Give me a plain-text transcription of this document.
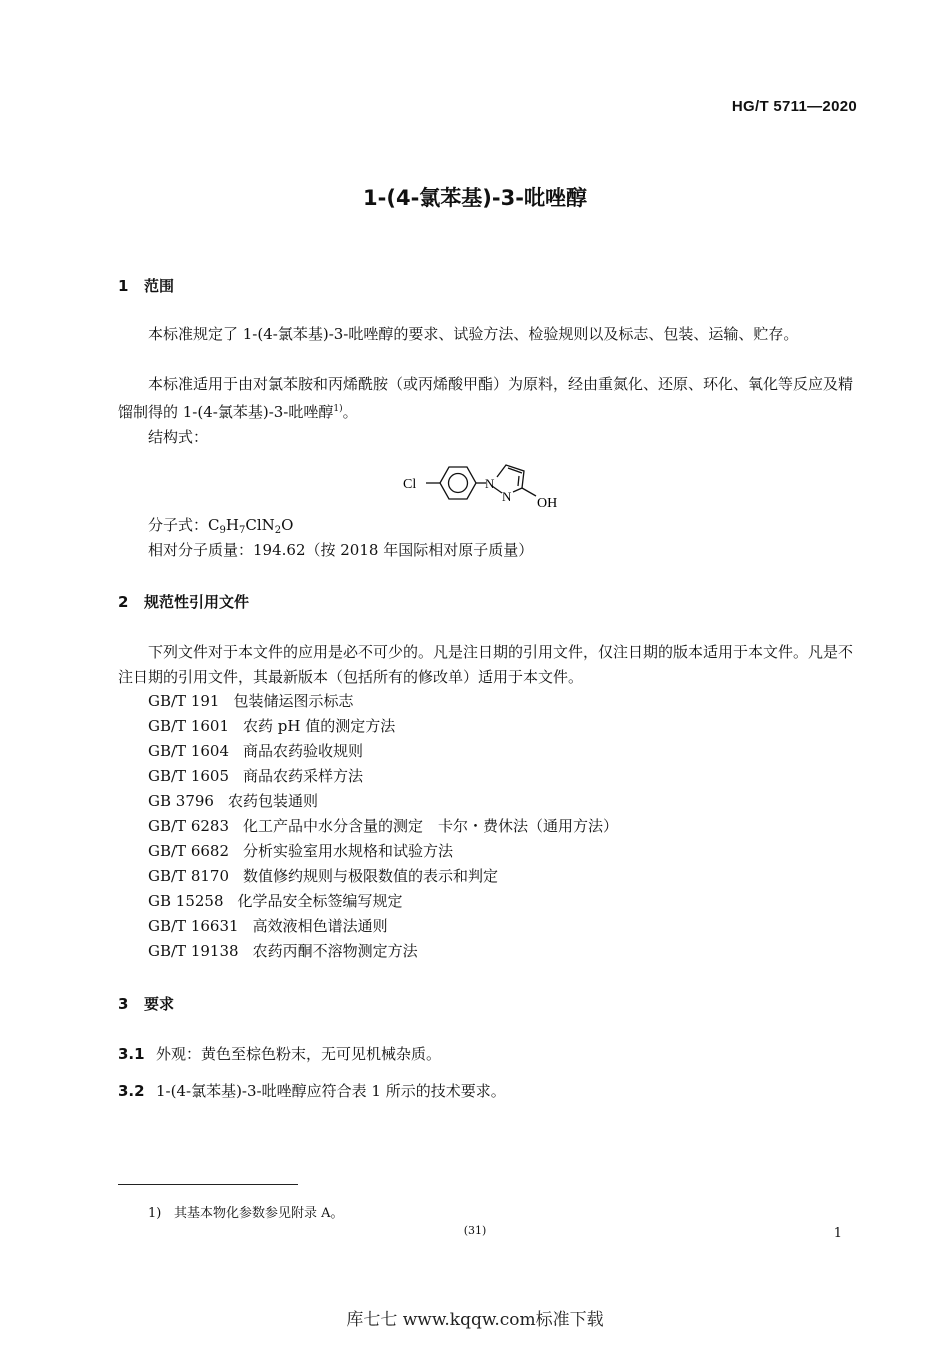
HG/T 5711—2020
1-(4-氯苯基)-3-吡唑醇
1 范围
本标准规定了 1-(4-氯苯基)-3-吡唑醇的要求、试验方法、检验规则以及标志、包装、运输、贮存。
本标准适用于由对氯苯胺和丙烯酰胺（或丙烯酸甲酯）为原料，经由重氮化、还原、环化、氧化等反应及精馏制得的 1-(4-氯苯基)-3-吡唑醇$^{1)}$。
结构式：
Cl	N
N OH
分子式：$C_9H_7ClN_2O$
相对分子质量：194.62（按 2018 年国际相对原子质量）
2 规范性引用文件
下列文件对于本文件的应用是必不可少的。凡是注日期的引用文件，仅注日期的版本适用于本文件。凡是不注日期的引用文件，其最新版本（包括所有的修改单）适用于本文件。
GB/T 191 包装储运图示标志
GB/T 1601 农药 pH 值的测定方法
GB/T 1604 商品农药验收规则
GB/T 1605 商品农药采样方法
GB 3796 农药包装通则
GB/T 6283 化工产品中水分含量的测定　卡尔・费休法（通用方法）
GB/T 6682 分析实验室用水规格和试验方法
GB/T 8170 数值修约规则与极限数值的表示和判定
GB 15258 化学品安全标签编写规定
GB/T 16631 高效液相色谱法通则
GB/T 19138 农药丙酮不溶物测定方法
3 要求
3.1 外观：黄色至棕色粉末，无可见机械杂质。
3.2 1-(4-氯苯基)-3-吡唑醇应符合表 1 所示的技术要求。
1) 其基本物化参数参见附录 A。
(31)	1
库七七 www.kqqw.com标准下载
